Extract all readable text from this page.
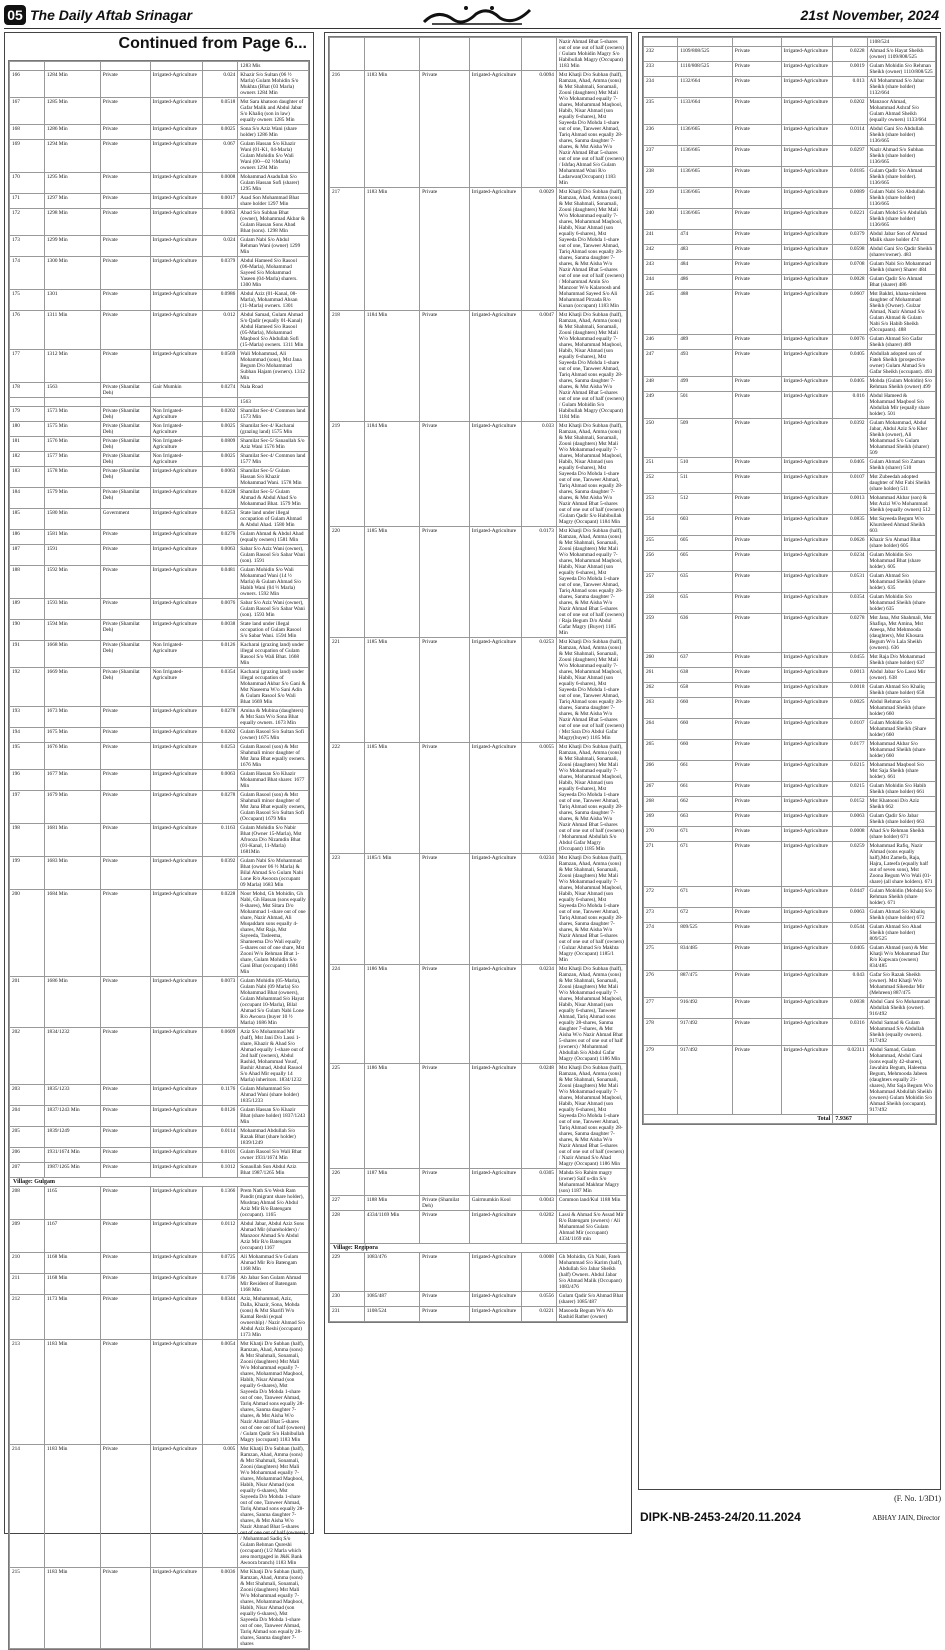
05 The Daily Aftab Srinagar	21st November, 2024
Continued from Page 6...
					1283 Mis
166	1284 Min	Private	Irrigated-Agriculture	0.024	Khazir S/o Sultan (06 ½ Marla) Gulam Mohidin S/o Mukhta (Bhat (03 Marla) owners 1284 Min
167	1285 Min	Private	Irrigated-Agriculture	0.0518	Mst Sara khatoon daughter of Gafar Malik and Abdul Jabar S/o Khaliq (son in law) equally owners 1285 Min
168	1286 Min	Private	Irrigated-Agriculture	0.0025	Sona S/o Aziz Wani (share holder) 1286 Min
169	1294 Min	Private	Irrigated-Agriculture	0.067	Gulam Hassan S/o Khazir Wani (01-K1, 04-Marla) Gulam Mohidin S/o Wali Wani (00—02 ½Marla) owners 1294 Min
170	1295 Min	Private	Irrigated-Agriculture	0.0008	Mohammad Asadullah S/o Gulam Hassan Sofi (sharer) 1295 Min
171	1297 Min	Private	Irrigated-Agriculture	0.0017	Asad Son Mohammad Bhat share holder 1297 Min
172	1298 Min	Private	Irrigated-Agriculture	0.0063	Abad S/o Subhan Bhat (owner), Mohammad Akbar & Gulam Hassan Sons Abad Bhat (sons). 1298 Min
173	1299 Min	Private	Irrigated-Agriculture	0.024	Gulam Nabi S/o Abdul Rehman Wani (owner) 1299 Min
174	1300 Min	Private	Irrigated-Agriculture	0.0379	Abdul Hameed S/o Rasool (06-Marla), Mohammad Sayeed S/o Mohammad Yaseen (04-Marla) sharers. 1300 Min
175	1301	Private	Irrigated-Agriculture	0.0986	Abdul Aziz (01-Kanal, 08-Marla), Mohammad Ahsan (11-Marla) owners. 1301
176	1311 Min	Private	Irrigated-Agriculture	0.012	Abdul Samad, Gulam Ahmad S/o Qadir (equally 01-Kanal) Abdul Hameed S/o Rasool (05-Marla), Mohammad Maqbool S/o Abdullah Sofi (15-Marla) owners. 1311 Min
177	1312 Min	Private	Irrigated-Agriculture	0.0569	Wali Mohammad, Ali Mohammad (sons), Mst Jana Begum D/o Mohammad Subhan Hajam (owners). 1312 Min
178	1563	Private (Shamilat Deh)	Gair Mumkin	0.0274	Nala Road
					1563
179	1573 Min	Private (Shamilat Deh)	Non Irrigated-Agriculture	0.0202	Shamilat Sec-4/ Common land 1573 Min
180	1575 Min	Private (Shamilat Deh)	Non Irrigated-Agriculture	0.0025	Shamilat Sec-4/ Kacharai (grazing land) 1575 Min
181	1576 Min	Private (Shamilat Deh)	Non Irrigated-Agriculture	0.0809	Shamilat Sec-5/ Sanaullah S/o Aziz Wani 1576 Min
182	1577 Min	Private (Shamilat Deh)	Non Irrigated-Agriculture	0.0025	Shamilat Sec-4/ Common land 1577 Min
183	1578 Min	Private (Shamilat Deh)	Irrigated-Agriculture	0.0063	Shamilat Sec-5/ Gulam Hassan S/o Khazir Mohammad Wani. 1578 Min
184	1579 Min	Private (Shamilat Deh)	Irrigated-Agriculture	0.0228	Shamilat Sec-5/ Gulam Ahmad & Abdul Ahad S/o Mohammad Bhat. 1579 Min
185	1580 Min	Government	Irrigated-Agriculture	0.0253	State land under illegal occupation of Gulam Ahmad & Abdul Ahad. 1580 Min
186	1581 Min	Private	Irrigated-Agriculture	0.0276	Gulam Ahmad & Abdul Ahad (equally owners) 1581 Min
187	1591	Private	Irrigated-Agriculture	0.0063	Sabar S/o Aziz Wani (owner), Gulam Rasool S/o Sabar Wani (son). 1591
188	1592 Min	Private	Irrigated-Agriculture	0.0481	Gulam Mohidin S/o Wali Mohammad Wani (14 ½ Marla) & Gulam Ahmad S/o Habib Wani (04 ½ Marla) owners. 1592 Min
189	1593 Min	Private	Irrigated-Agriculture	0.0076	Sabar S/o Aziz Wani (owner), Gulam Rasool S/o Sabar Wani (son). 1593 Min
190	1594 Min	Private (Shamilat Deh)	Irrigated-Agriculture	0.0038	State land under illegal occupation of Gulam Rasool S/o Sabar Wani. 1594 Min
191	1668 Min	Private (Shamilat Deh)	Non Irrigated-Agriculture	0.0126	Kacharai (grazing land) under illegal occupation of Gulam Rasool S/o Wali Bhat. 1668 Min
192	1669 Min	Private (Shamilat Deh)	Non Irrigated-Agriculture	0.0354	Kacharai (grazing land) under illegal occupation of Mohammad Akbar S/o Gani & Mst Naseema W/o Sani Adin & Gulam Rasool S/o Wali Bhat 1669 Min
193	1673 Min	Private	Irrigated-Agriculture	0.0278	Amina & Mubina (daughters) & Mst Sara W/o Sona Bhat equally owners. 1673 Min
194	1675 Min	Private	Irrigated-Agriculture	0.0202	Gulam Rasool S/o Sultan Sofi (owner) 1675 Min
195	1676 Min	Private	Irrigated-Agriculture	0.0253	Gulam Rasool (son) & Mst Shahmali minor daughter of Mst Jana Bhat equally owners. 1676 Min
196	1677 Min	Private	Irrigated-Agriculture	0.0063	Gulam Hassan S/o Khazir Mohammad Bhat sharer. 1677 Min
197	1679 Min	Private	Irrigated-Agriculture	0.0278	Gulam Rasool (son) & Mst Shahmali minor daughter of Mst Jana Bhat equally owners, Gulam Rasool S/o Sultan Sofi (Occupant) 1679 Min
198	1681 Min	Private	Irrigated-Agriculture	0.1163	Gulam Mohidin S/o Nabir Bhat (Owner 15-Marla), Mst Afrooza D/o Nizamdin Bhat (01-Kanal, 11-Marla) 1681Min
199	1683 Min	Private	Irrigated-Agriculture	0.0392	Gulam Nabi S/o Mohammad Bhat (owner 06 ½ Marla) & Bilal Ahmad S/o Gulam Nabi Lone R/o Awoora (occupant 09 Marla) 1683 Min
200	1684 Min	Private	Irrigated-Agriculture	0.0228	Noor Mohd, Gh Mohidin, Gh Nabi, Gh Hassan (sons equally 8-shares), Mst Sitara D/o Mohammad 1-share out of one share, Nazir Ahmad, Ali Muqaddam sons equally 4-shares, Mst Raja, Mst Sayeeda, Tasleema, Shameema D/o Wali equally 5-shares out of one share, Mst Zooni W/o Rehman Bhat 1-share, Gulam Mohidin S/o Gani Bhat (occupant) 1684 Min
201	1686 Min	Private	Irrigated-Agriculture	0.0073	Gulam Mohidin (05-Marla), Gulam Nabi (09 Marla) S/o Mohammad Bhat (owners), Gulam Mohammad S/o Hayat (occupant 10-Marla), Bilal Ahmad S/o Gulam Nabi Lone R/o Awoora (buyer 10 ½ Marla) 1686 Min
202	1834/1232	Private	Irrigated-Agriculture	0.0609	Aziz S/o Mohammad Mir (half), Mst Jani D/o Lassi 1-share, Khazir & Ahad S/o Ahmad equally 1-share out of 2nd half (owners), Abdul Rashid, Mohammad Yousf, Bashir Ahmad, Abdul Rasool S/o Ahad Mir equally 14 Marla) inheritors. 1834/1232
203	1835/1233	Private	Irrigated-Agriculture	0.1176	Gulam Mohammad S/o Ahmad Wani (share holder) 1835/1233
204	1837/1243 Min	Private	Irrigated-Agriculture	0.0126	Gulam Hassan S/o Khazir Bhat (share holder) 1837/1243 Min
205	1839/1249	Private	Irrigated-Agriculture	0.0114	Mohammad Abdullah S/o Razak Bhat (share holder) 1839/1249
206	1931/1674 Min	Private	Irrigated-Agriculture	0.0101	Gulam Rasool S/o Wali Bhat owner 1931/1674 Min
207	1987/1265 Min	Private	Irrigated-Agriculture	0.1012	Sonaullah Son Abdul Aziz Bhat 1987/1265 Min
Village: Gulgam					
208	1165	Private	Irrigated-Agriculture	0.1366	Prem Nath S/o Wesh Ram Pandit (migrant share holder), Mushtaq Ahmad S/o Abdul Aziz Mir R/o Batengam (occupant). 1165
209	1167	Private	Irrigated-Agriculture	0.0112	Abdul Jabar, Abdul Aziz Sons Ahmad Mir (shareholders) / Manzoor Ahmad S/o Abdul Aziz Mir R/o Batengam (occupant) 1167
210	1168 Min	Private	Irrigated-Agriculture	0.0725	Ali Mohammad S/o Gulam Ahmad Mir R/o Batengam 1168 Min
211	1168 Min	Private	Irrigated-Agriculture	0.1736	Ab Jabar Son Gulam Ahmad Mir Resident of Batengam 1168 Min
212	1173 Min	Private	Irrigated-Agriculture	0.0344	Aziz, Mohammad, Aziz, Dalla, Khazir, Sona, Mohda (sons) & Mst Sharifi W/o Kamal Reshi (equal ownership) / Nazir Ahmad S/o Abdul Aziz Reshi (occupant) 1173 Min
213	1183 Min	Private	Irrigated-Agriculture	0.0054	Mst Khatji D/o Subhan (half), Ramzan, Ahad, Amma (sons) & Mst Shahmali, Sonamali, Zooni (daughters) Mst Mali W/o Mohammad equally 7-shares, Mohammad Maqbool, Habib, Nisar Ahmad (son equally 6-shares), Mst Sayeeda D/o Mohda 1-share out of one, Tanweer Ahmad, Tariq Ahmad sons equally 28-shares, Sanma daughter 7-shares, & Mst Aisha W/o Nazir Ahmad Bhat 5-shares out of one out of half (owners) / Gulam Qadir S/o Habibullah Magry (occupant) 1183 Min
214	1183 Min	Private	Irrigated-Agriculture	0.005	Mst Khatji D/o Subhan (half), Ramzan, Ahad, Amma (sons) & Mst Shahmali, Sonamali, Zooni (daughters) Mst Mali W/o Mohammad equally 7-shares, Mohammad Maqbool, Habib, Nisar Ahmad (son equally 6-shares), Mst Sayeeda D/o Mohda 1-share out of one, Tanweer Ahmad, Tariq Ahmad sons equally 28-shares, Sanma daughter 7-shares, & Mst Aisha W/o Nazir Ahmad Bhat 5-shares out of one out of half (owners) / Mohammad Sadiq S/o Gulam Rehman Qureshi (occupant) (1/2 Marla which area mortgaged in J&K Bank Awoora branch) 1183 Min
215	1183 Min	Private	Irrigated-Agriculture	0.0036	Mst Khatji D/o Subhan (half), Ramzan, Ahad, Amma (sons) & Mst Shahmali, Sonamali, Zooni (daughters) Mst Mali W/o Mohammad equally 7-shares, Mohammad Maqbool, Habib, Nisar Ahmad (son equally 6-shares), Mst Sayeeda D/o Mohda 1-share out of one, Tanweer Ahmad, Tariq Ahmad son equally 28-shares, Sanma daughter 7-shares
					Nazir Ahmad Bhat 5-shares out of one out of half (owners) / Gulam Mohidin Magry S/o Habibullah Magry (Occupant) 1183 Min
216	1183 Min	Private	Irrigated-Agriculture	0.0094	Mst Khatji D/o Subhan (half), Ramzan, Ahad, Amma (sons) & Mst Shahmali, Sonamali, Zooni (daughters) Mst Mali W/o Mohammad equally 7-shares, Mohammad Maqbool, Habib, Nisar Ahmad (son equally 6-shares), Mst Sayeeda D/o Mohda 1-share out of one, Tanweer Ahmad, Tariq Ahmad sons equally 28-shares, Sanma daughter 7-shares, & Mst Aisha W/o Nazir Ahmad Bhat 5-shares out of one out of half (owners) / Ishfaq Ahmad S/o Gulam Mohammad Wani R/o Ladarwan(Occupant) 1183 Min
217	1183 Min	Private	Irrigated-Agriculture	0.0029	Mst Khatji D/o Subhan (half), Ramzan, Ahad, Amma (sons) & Mst Shahmali, Sonamali, Zooni (daughters) Mst Mali W/o Mohammad equally 7-shares, Mohammad Maqbool, Habib, Nisar Ahmad (son equally 6-shares), Mst Sayeeda D/o Mohda 1-share out of one, Tanweer Ahmad, Tariq Ahmad sons equally 28-shares, Sanma daughter 7-shares, & Mst Aisha W/o Nazir Ahmad Bhat 5-shares out of one out of half (owners) / Mohammad Amin S/o Manzoor W/o Kalaroosh and Mohammad Sayeed S/o Ali Mohammad Pirzada R/o Kunan (occupant) 1183 Min
218	1184 Min	Private	Irrigated-Agriculture	0.0047	Mst Khatji D/o Subhan (half), Ramzan, Ahad, Amma (sons) & Mst Shahmali, Sonamali, Zooni (daughters) Mst Mali W/o Mohammad equally 7-shares, Mohammad Maqbool, Habib, Nisar Ahmad (son equally 6-shares), Mst Sayeeda D/o Mohda 1-share out of one, Tanweer Ahmad, Tariq Ahmad sons equally 28-shares, Sanma daughter 7-shares, & Mst Aisha W/o Nazir Ahmad Bhat 5-shares out of one out of half (owners) / Gulam Mohidin S/o Habibullah Magry (Occupant) 1184 Min
219	1184 Min	Private	Irrigated-Agriculture	0.033	Mst Khatji D/o Subhan (half), Ramzan, Ahad, Amma (sons) & Mst Shahmali, Sonamali, Zooni (daughters) Mst Mali W/o Mohammad equally 7-shares, Mohammad Maqbool, Habib, Nisar Ahmad (son equally 6-shares), Mst Sayeeda D/o Mohda 1-share out of one, Tanweer Ahmad, Tariq Ahmad sons equally 28-shares, Sanma daughter 7-shares, & Mst Aisha W/o Nazir Ahmad Bhat 5-shares out of one out of half (owners) /Gulam Qadir S/o Habibullah Magry (Occupant) 1184 Min
220	1185 Min	Private	Irrigated-Agriculture	0.0173	Mst Khatji D/o Subhan (half), Ramzan, Ahad, Amma (sons) & Mst Shahmali, Sonamali, Zooni (daughters) Mst Mali W/o Mohammad equally 7-shares, Mohammad Maqbool, Habib, Nisar Ahmad (son equally 6-shares), Mst Sayeeda D/o Mohda 1-share out of one, Tanweer Ahmad, Tariq Ahmad sons equally 28-shares, Sanma daughter 7-shares, & Mst Aisha W/o Nazir Ahmad Bhat 5-shares out of one out of half (owners) / Raja Begum D/o Abdul Gafar Magry (Buyer) 1185 Min
221	1185 Min	Private	Irrigated-Agriculture	0.0253	Mst Khatji D/o Subhan (half), Ramzan, Ahad, Amma (sons) & Mst Shahmali, Sonamali, Zooni (daughters) Mst Mali W/o Mohammad equally 7-shares, Mohammad Maqbool, Habib, Nisar Ahmad (son equally 6-shares), Mst Sayeeda D/o Mohda 1-share out of one, Tanweer Ahmad, Tariq Ahmad sons equally 28-shares, Sanma daughter 7-shares, & Mst Aisha W/o Nazir Ahmad Bhat 5-shares out of one out of half (owners) / Mst Sara D/o Abdul Gafar Magry(buyer) 1185 Min
222	1185 Min	Private	Irrigated-Agriculture	0.0055	Mst Khatji D/o Subhan (half), Ramzan, Ahad, Amma (sons) & Mst Shahmali, Sonamali, Zooni (daughters) Mst Mali W/o Mohammad equally 7-shares, Mohammad Maqbool, Habib, Nisar Ahmad (son equally 6-shares), Mst Sayeeda D/o Mohda 1-share out of one, Tanweer Ahmad, Tariq Ahmad sons equally 28-shares, Sanma daughter 7-shares, & Mst Aisha W/o Nazir Ahmad Bhat 5-shares out of one out of half (owners) / Mohammad Abdullah S/o Abdul Gafar Magry (Occupant) 1185 Min
223	1185/1 Min	Private	Irrigated-Agriculture	0.0234	Mst Khatji D/o Subhan (half), Ramzan, Ahad, Amma (sons) & Mst Shahmali, Sonamali, Zooni (daughters) Mst Mali W/o Mohammad equally 7-shares, Mohammad Maqbool, Habib, Nisar Ahmad (son equally 6-shares), Mst Sayeeda D/o Mohda 1-share out of one, Tanweer Ahmad, Tariq Ahmad sons equally 28-shares, Sanma daughter 7-shares, & Mst Aisha W/o Nazir Ahmad Bhat 5-shares out of one out of half (owners) / Gulzar Ahmad S/o Makhta Magry (Occupant) 1185/1 Min
224	1186 Min	Private	Irrigated-Agriculture	0.0234	Mst Khatji D/o Subhan (half), Ramzan, Ahad, Amma (sons) & Mst Shahmali, Sonamali, Zooni (daughters) Mst Mali W/o Mohammad equally 7-shares, Mohammad Maqbool, Habib, Nisar Ahmad (son equally 6-shares), Tanweer Ahmad, Tariq Ahmad sons equally 28-shares, Sanma daughter 7-shares, & Mst Aisha W/o Nazir Ahmad Bhat 5-shares out of one out of half (owners) / Mohammad Abdullah S/o Abdul Gafar Magry (Occupant) 1186 Min
225	1186 Min	Private	Irrigated-Agriculture	0.0248	Mst Khatji D/o Subhan (half), Ramzan, Ahad, Amma (sons) & Mst Shahmali, Sonamali, Zooni (daughters) Mst Mali W/o Mohammad equally 7-shares, Mohammad Maqbool, Habib, Nisar Ahmad (son equally 6-shares), Mst Sayeeda D/o Mohda 1-share out of one, Tanweer Ahmad, Tariq Ahmad sons equally 28-shares, Sanma daughter 7-shares, & Mst Aisha W/o Nazir Ahmad Bhat 5-shares out of one out of half (owners) / Nazir Ahmad S/o Ahad Magry (Occupant) 1186 Min
226	1187 Min	Private	Irrigated-Agriculture	0.0305	Mahda S/o Rahim magry (owner) Saif u-din S/o Mohammad Makhtar Magry (son) 1187 Min
227	1188 Min	Private (Shamilat Deh)	Gairmumkin Kool	0.0043	Common land/Kul 1188 Min
228	4334/1169 Min	Private	Irrigated-Agriculture	0.0202	Lassi & Ahmad S/o Assad Mir R/o Batengam (owners) / Ali Mohammad S/o Gulam Ahmad Mir (occupant) 4334/1169 min
Village: Regipora					
229	1083/476	Private	Irrigated-Agriculture	0.0008	Gh Mohidin, Gh Nabi, Fateh Mohammad S/o Karim (half), Abdullah S/o Jabar Sheikh (half) Owners. Abdul Jabar S/o Ahmad Malik (Occupant) 1083/476
230	1085/487	Private	Irrigated-Agriculture	0.0556	Gulam Qadir S/o Ahmad Bhat (sharer) 1085/487
231	1108/524	Private	Irrigated-Agriculture	0.0221	Masooda Begum W/o Ab Rashid Rather (owner)
					1108/524
232	1109/808/525	Private	Irrigated-Agriculture	0.0228	Ahmad S/o Hayat Sheikh (owner) 1109/808/525
233	1110/808/525	Private	Irrigated-Agriculture	0.0019	Gulam Mohidin S/o Rehman Sheikh (owner) 1110/808/525
234	1132/664	Private	Irrigated-Agriculture	0.013	Ali Mohammad S/o Jabar Sheikh (share holder) 1132/664
235	1133/664	Private	Irrigated-Agriculture	0.0202	Manzoor Ahmad, Mohammad Ashraf S/o Gulam Ahmad Sheikh (equally owners) 1133/664
236	1136/665	Private	Irrigated-Agriculture	0.0114	Abdul Gani S/o Abdullah Sheikh (share holder) 1136/665
237	1136/665	Private	Irrigated-Agriculture	0.0297	Nazir Ahmad S/o Subhan Sheikh (share holder) 1136/665
238	1136/665	Private	Irrigated-Agriculture	0.0185	Gulam Qadir S/o Ahmad Sheikh (share holder). 1136/665
239	1136/665	Private	Irrigated-Agriculture	0.0089	Gulam Nabi S/o Abdullah Sheikh (share holder) 1136/665
240	1136/665	Private	Irrigated-Agriculture	0.0221	Gulam Mohd S/o Abdullah Sheikh (share holder) 1136/665
241	474	Private	Irrigated-Agriculture	0.0379	Abdul Jabar Son of Ahmad Malik share holder 474
242	483	Private	Irrigated-Agriculture	0.0598	Abdul Gani S/o Qadir Sheikh (sharer/owner). 483
243	484	Private	Irrigated-Agriculture	0.0708	Gulam Nabi S/o Mohammad Sheikh (sharer) Sharer 484
244	486	Private	Irrigated-Agriculture	0.0028	Gulam Qadir S/o Ahmad Bhat (sharer) 486
245	488	Private	Irrigated-Agriculture	0.0607	Mst Bakhti, khana-nisheen daughter of Mohammad Sheikh (Owner). Gulzar Ahmad, Nazir Ahmad S/o Gulam Ahmad & Gulam Nabi S/o Habib Sheikh (Occupants). 488
246	489	Private	Irrigated-Agriculture	0.0076	Gulam Ahmad S/o Gafar Sheikh (sharer) 489
247	493	Private	Irrigated-Agriculture	0.0405	Abdullah adopted son of Fateh Sheikh (prospective owner) Gulam Ahmad S/o Gafar Sheikh (occupant). 493
248	499	Private	Irrigated-Agriculture	0.0405	Mohda (Gulam Mohidin) S/o Rehman Sheikh (owner) 499
249	501	Private	Irrigated-Agriculture	0.016	Abdul Hameed & Mohammad Maqbool S/o Abdullah Mir (equally share holder). 501
250	509	Private	Irrigated-Agriculture	0.0392	Gulam Mohammad, Abdul Jabar, Abdul Aziz S/o Kher Sheikh (owner), Ali Mohammad S/o Gulam Mohammad Sheikh (sharer) 509
251	510	Private	Irrigated-Agriculture	0.0405	Gulam Ahmad S/o Zaman Sheikh (sharer) 510
252	511	Private	Irrigated-Agriculture	0.0107	Mst Zubeedah adopted daughter of Mst Fabi Sheikh (share holder) 511
253	512	Private	Irrigated-Agriculture	0.0013	Mohammad Akbar (son) & Mst Azizi W/o Mohammad Sheikh (equally owners) 512
254	603	Private	Irrigated-Agriculture	0.0835	Mst Sayeeda Begum W/o Khursheed Ahmad Sheikh 603
255	605	Private	Irrigated-Agriculture	0.0626	Khazir S/o Ahmad Bhat (share holder) 605
256	605	Private	Irrigated-Agriculture	0.0234	Gulam Mohidin S/o Mohammad Bhat (share holder). 605
257	635	Private	Irrigated-Agriculture	0.0531	Gulam Ahmad S/o Mohammad Sheikh (share holder). 635
258	635	Private	Irrigated-Agriculture	0.0354	Gulam Mohidin S/o Mohammad Sheikh (share holder) 635
259	636	Private	Irrigated-Agriculture	0.0278	Mst Jana, Mst Shahmali, Mst Shafiqa, Mst Amina, Mst Ateeqa, Mst Mehmooda (daughters), Mst Khosara Begum W/o Lala Sheikh (owners). 636
260	637	Private	Irrigated-Agriculture	0.0455	Mst Raja D/o Mohammad Sheikh (share holder) 637
261	638	Private	Irrigated-Agriculture	0.0013	Abdul Jabar S/o Lassi Mir (owner). 638
262	658	Private	Irrigated-Agriculture	0.0018	Gulam Ahmad S/o Khaliq Sheikh (share holder) 658
263	660	Private	Irrigated-Agriculture	0.0025	Abdul Rehman S/o Mohammad Sheikh (share holder) 660
264	660	Private	Irrigated-Agriculture	0.0107	Gulam Mohidin S/o Mohammad Sheikh (Share holder) 660
265	660	Private	Irrigated-Agriculture	0.0177	Mohammad Akbar S/o Mohammad Sheikh (share holder) 660
266	661	Private	Irrigated-Agriculture	0.0215	Mohammad Maqbool S/o Mst Saja Sheikh (share holder). 661
267	661	Private	Irrigated-Agriculture	0.0215	Gulam Mohidin S/o Habib Sheikh (share holder) 661
268	662	Private	Irrigated-Agriculture	0.0152	Mst Khatooni D/o Aziz Sheikh 662
269	663	Private	Irrigated-Agriculture	0.0063	Gulam Qadir S/o Jabar Sheikh (share holder) 663
270	671	Private	Irrigated-Agriculture	0.0008	Ahad S/o Rehman Sheikh (share holder) 671
271	671	Private	Irrigated-Agriculture	0.0259	Mohammad Rafiq, Nazir Ahmad (sons equally half),Mst Zamefa, Raja, Hajra, Lateefa (equally half out of seven sons), Mst Zoona Begum W/o Wali (01-share) (all share holders). 671
272	671	Private	Irrigated-Agriculture	0.0447	Gulam Mohidin (Mohda) S/o Rehman Sheikh (share holder). 671
273	672	Private	Irrigated-Agriculture	0.0063	Gulam Ahmad S/o Khaliq Sheikh (share holder) 672
274	809/525	Private	Irrigated-Agriculture	0.0544	Gulam Ahmad S/o Ahad Sheikh (share holder) 809/525
275	834/485	Private	Irrigated-Agriculture	0.0405	Gulam Ahmad (son) & Mst Khatji W/o Mohammad Dar R/o Kupwara (owners) 834/485
276	887/475	Private	Irrigated-Agriculture	0.043	Gafar S/o Razak Sheikh (owner). Mst Khatji W/o Mohammad Sikendar Mir (Mehreen) 887/475
277	916/492	Private	Irrigated-Agriculture	0.0038	Abdul Gani S/o Mohammad Abdullah Sheikh (owner). 916/492
278	917/492	Private	Irrigated-Agriculture	0.0316	Abdul Samad & Gulam Mohammad S/o Abdullah Sheikh (equally owners). 917/492
279	917/492	Private	Irrigated-Agriculture	0.02311	Abdul Samad, Gulam Mohammad, Abdul Gani (sons equally 42-shares), Jawahira Begum, Haleema Begum, Mehmooda Jabeen (daughters equally 21-shares), Mst Saja Begum W/o Mohammad Abdullah Sheikh (owners) Gulam Mohidin S/o Ahmad Sheikh (occupant). 917/492
Total				7.9367	
(F. No. 1/3D1)
DIPK-NB-2453-24/20.11.2024	ABHAY JAIN, Director
